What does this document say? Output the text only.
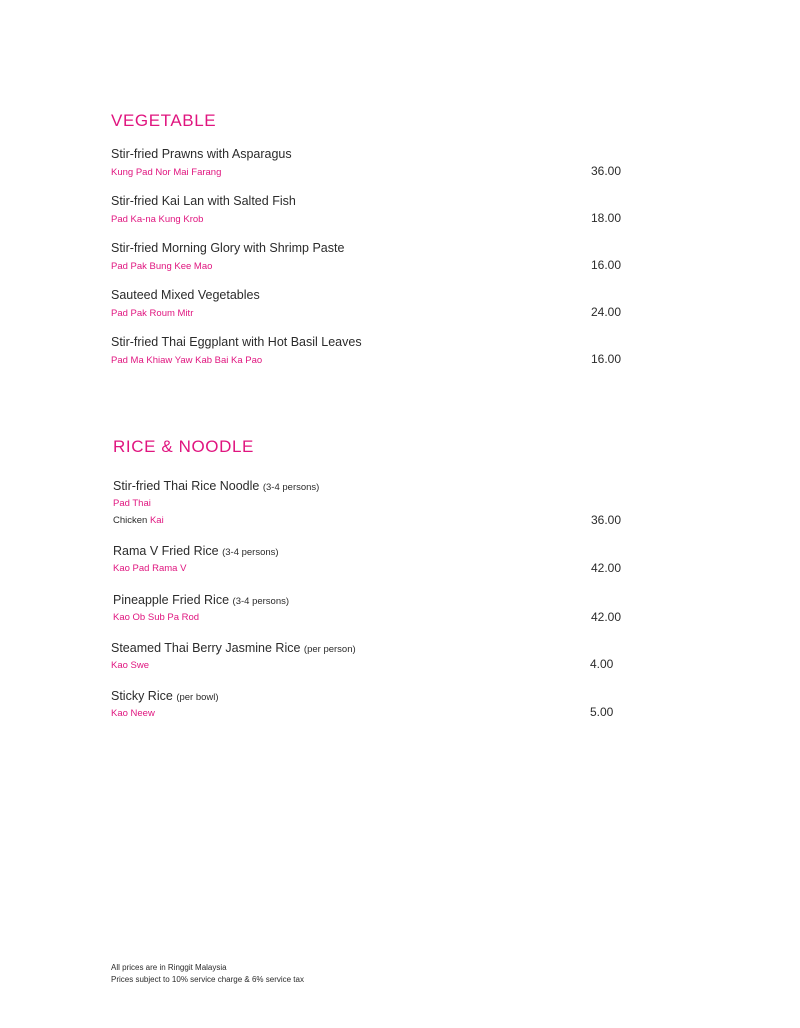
VEGETABLE
Stir-fried Prawns with Asparagus
Kung Pad Nor Mai Farang	36.00
Stir-fried Kai Lan with Salted Fish
Pad Ka-na Kung Krob	18.00
Stir-fried Morning Glory with Shrimp Paste
Pad Pak Bung Kee Mao	16.00
Sauteed Mixed Vegetables
Pad Pak Roum Mitr	24.00
Stir-fried Thai Eggplant with Hot Basil Leaves
Pad Ma Khiaw Yaw Kab Bai Ka Pao	16.00
RICE & NOODLE
Stir-fried Thai Rice Noodle (3-4 persons)
Pad Thai
Chicken Kai	36.00
Rama V Fried Rice (3-4 persons)
Kao Pad Rama V	42.00
Pineapple Fried Rice (3-4 persons)
Kao Ob Sub Pa Rod	42.00
Steamed Thai Berry Jasmine Rice (per person)
Kao Swe	4.00
Sticky Rice (per bowl)
Kao Neew	5.00
All prices are in Ringgit Malaysia
Prices subject to 10% service charge & 6% service tax
